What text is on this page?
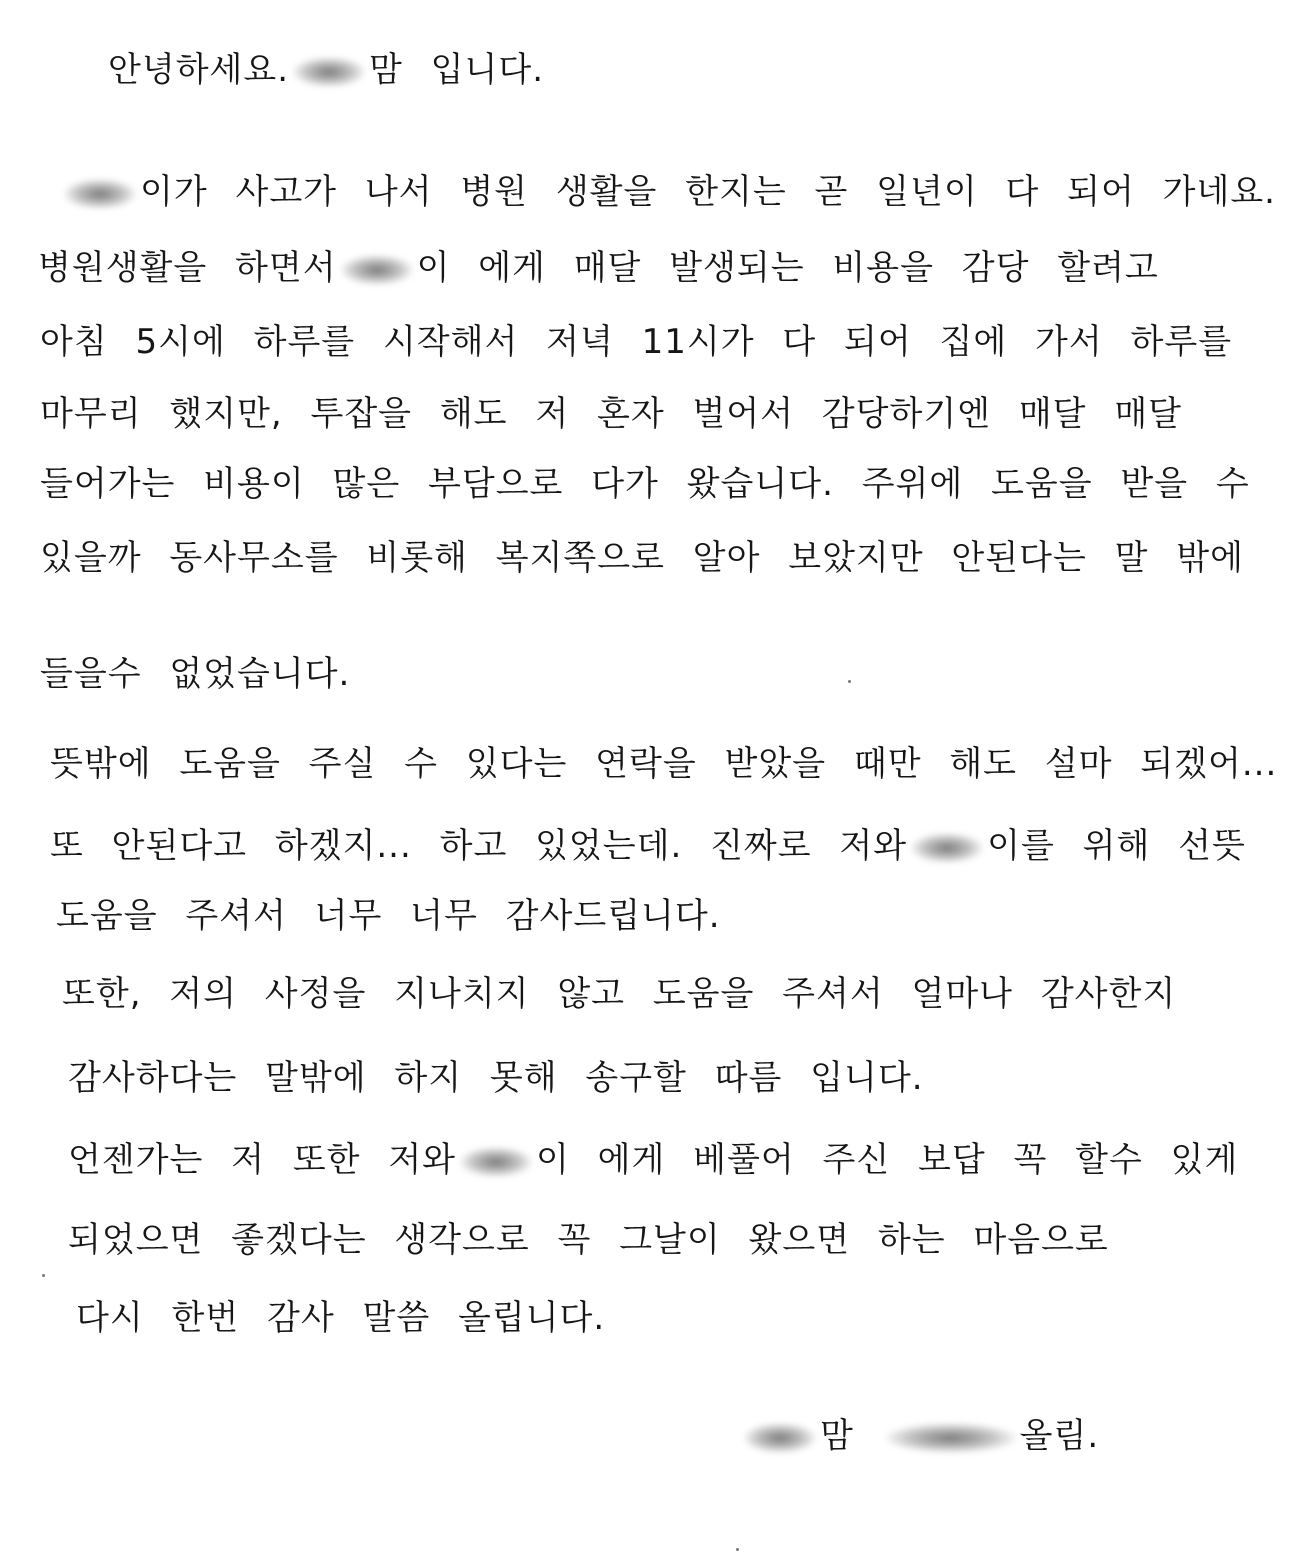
안녕하세요. 맘 입니다.
이가 사고가 나서 병원 생활을 한지는 곧 일년이 다 되어 가네요.
병원생활을 하면서 이 에게 매달 발생되는 비용을 감당 할려고
아침 5시에 하루를 시작해서 저녁 11시가 다 되어 집에 가서 하루를
마무리 했지만, 투잡을 해도 저 혼자 벌어서 감당하기엔 매달 매달
들어가는 비용이 많은 부담으로 다가 왔습니다. 주위에 도움을 받을 수
있을까 동사무소를 비롯해 복지쪽으로 알아 보았지만 안된다는 말 밖에
들을수 없었습니다.
뜻밖에 도움을 주실 수 있다는 연락을 받았을 때만 해도 설마 되겠어...
또 안된다고 하겠지... 하고 있었는데. 진짜로 저와 이를 위해 선뜻
도움을 주셔서 너무 너무 감사드립니다.
또한, 저의 사정을 지나치지 않고 도움을 주셔서 얼마나 감사한지
감사하다는 말밖에 하지 못해 송구할 따름 입니다.
언젠가는 저 또한 저와 이 에게 베풀어 주신 보답 꼭 할수 있게
되었으면 좋겠다는 생각으로 꼭 그날이 왔으면 하는 마음으로
다시 한번 감사 말씀 올립니다.
맘	올림.
